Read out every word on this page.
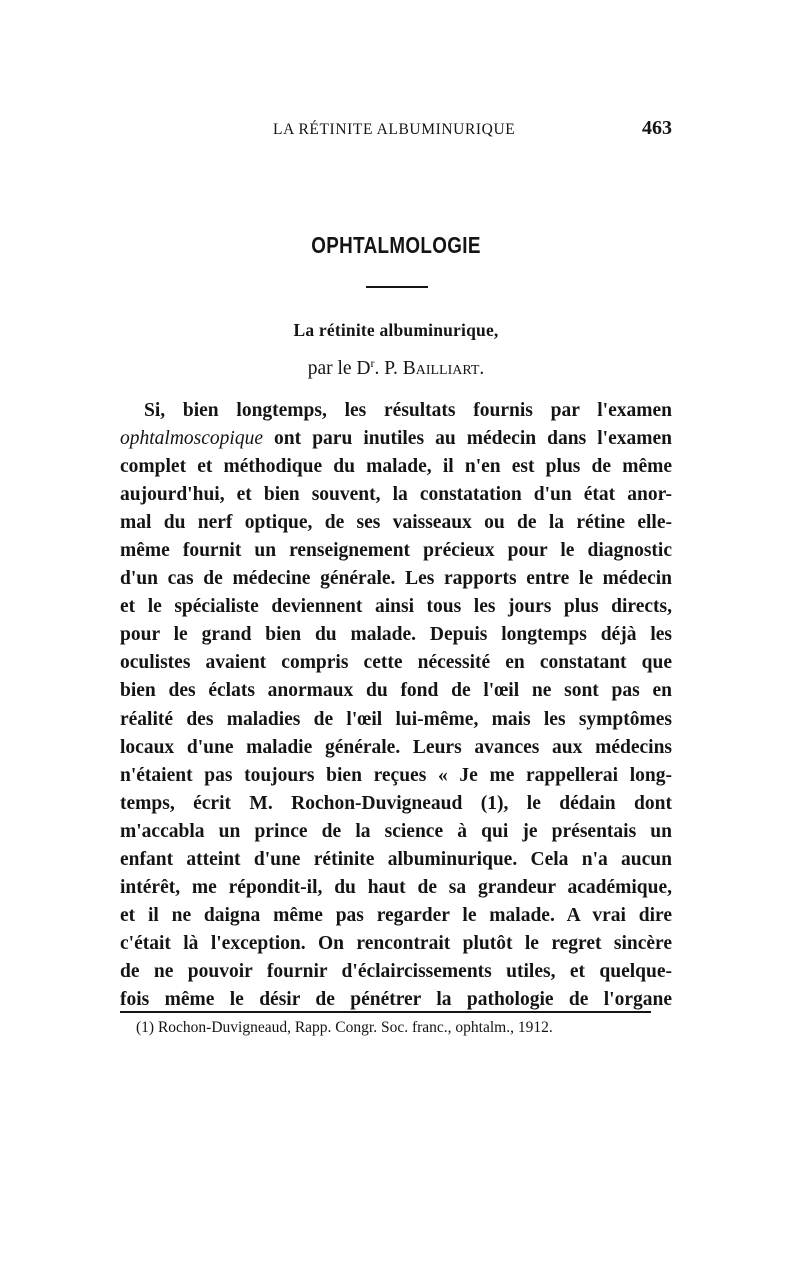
LA RÉTINITE ALBUMINURIQUE	463
OPHTALMOLOGIE
La rétinite albuminurique,
par le $D^r$. P. Bailliart.
Si, bien longtemps, les résultats fournis par l'examen
ophtalmoscopique ont paru inutiles au médecin dans l'examen
complet et méthodique du malade, il n'en est plus de même
aujourd'hui, et bien souvent, la constatation d'un état anor-
mal du nerf optique, de ses vaisseaux ou de la rétine elle-
même fournit un renseignement précieux pour le diagnostic
d'un cas de médecine générale. Les rapports entre le médecin
et le spécialiste deviennent ainsi tous les jours plus directs,
pour le grand bien du malade. Depuis longtemps déjà les
oculistes avaient compris cette nécessité en constatant que
bien des éclats anormaux du fond de l'œil ne sont pas en
réalité des maladies de l'œil lui-même, mais les symptômes
locaux d'une maladie générale. Leurs avances aux médecins
n'étaient pas toujours bien reçues « Je me rappellerai long-
temps, écrit M. Rochon-Duvigneaud (1), le dédain dont
m'accabla un prince de la science à qui je présentais un
enfant atteint d'une rétinite albuminurique. Cela n'a aucun
intérêt, me répondit-il, du haut de sa grandeur académique,
et il ne daigna même pas regarder le malade. A vrai dire
c'était là l'exception. On rencontrait plutôt le regret sincère
de ne pouvoir fournir d'éclaircissements utiles, et quelque-
fois même le désir de pénétrer la pathologie de l'organe
(1) Rochon-Duvigneaud, Rapp. Congr. Soc. franc., ophtalm., 1912.
